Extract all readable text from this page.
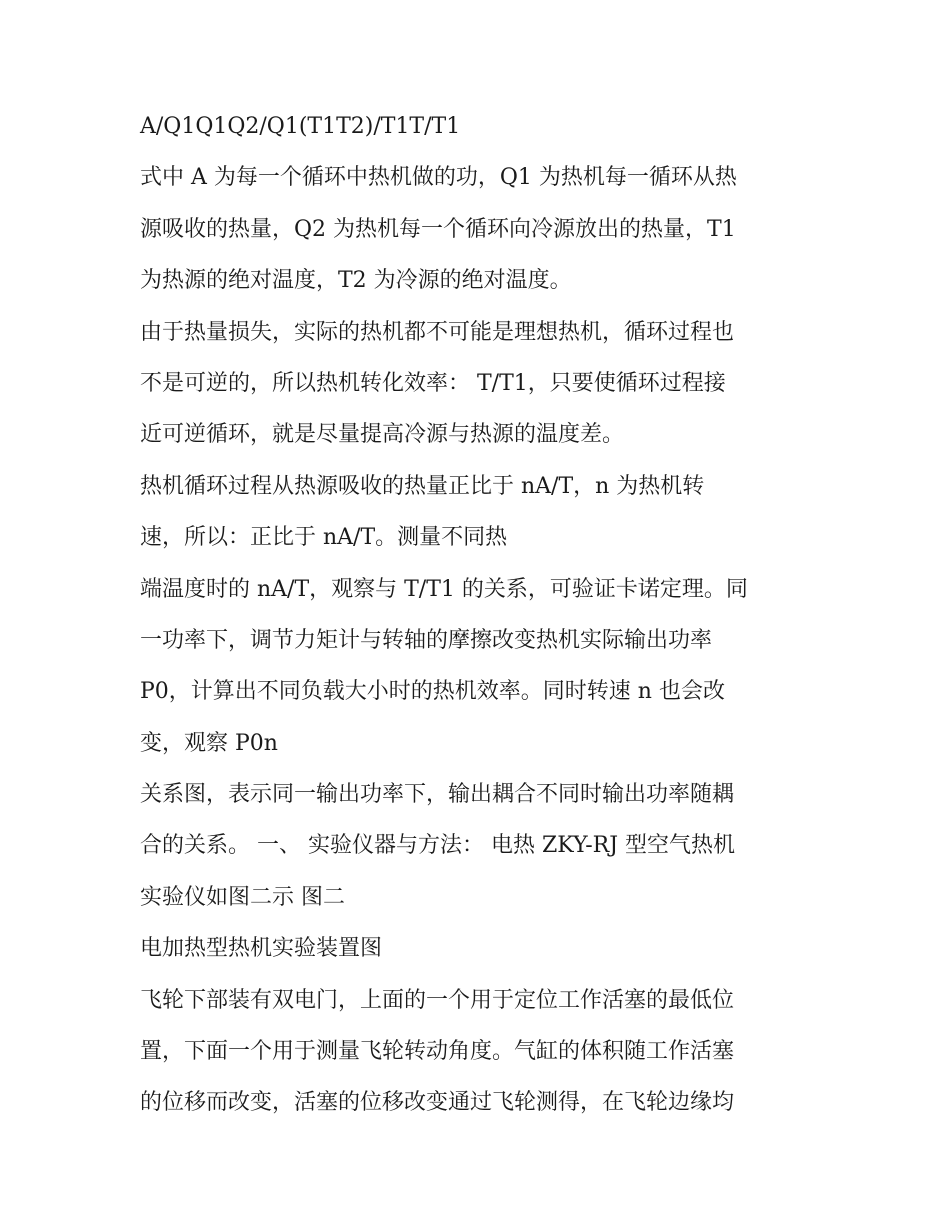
A/Q1Q1Q2/Q1(T1T2)/T1T/T1
式中 A 为每一个循环中热机做的功，Q1 为热机每一循环从热
源吸收的热量，Q2 为热机每一个循环向冷源放出的热量，T1
为热源的绝对温度，T2 为冷源的绝对温度。
由于热量损失，实际的热机都不可能是理想热机，循环过程也
不是可逆的，所以热机转化效率： T/T1，只要使循环过程接
近可逆循环，就是尽量提高冷源与热源的温度差。
热机循环过程从热源吸收的热量正比于 nA/T，n 为热机转
速，所以：正比于 nA/T。测量不同热
端温度时的 nA/T，观察与 T/T1 的关系，可验证卡诺定理。同
一功率下，调节力矩计与转轴的摩擦改变热机实际输出功率
P0，计算出不同负载大小时的热机效率。同时转速 n 也会改
变，观察 P0n
关系图，表示同一输出功率下，输出耦合不同时输出功率随耦
合的关系。 一、 实验仪器与方法： 电热 ZKY-RJ 型空气热机
实验仪如图二示 图二
电加热型热机实验装置图
飞轮下部装有双电门，上面的一个用于定位工作活塞的最低位
置，下面一个用于测量飞轮转动角度。气缸的体积随工作活塞
的位移而改变，活塞的位移改变通过飞轮测得，在飞轮边缘均
